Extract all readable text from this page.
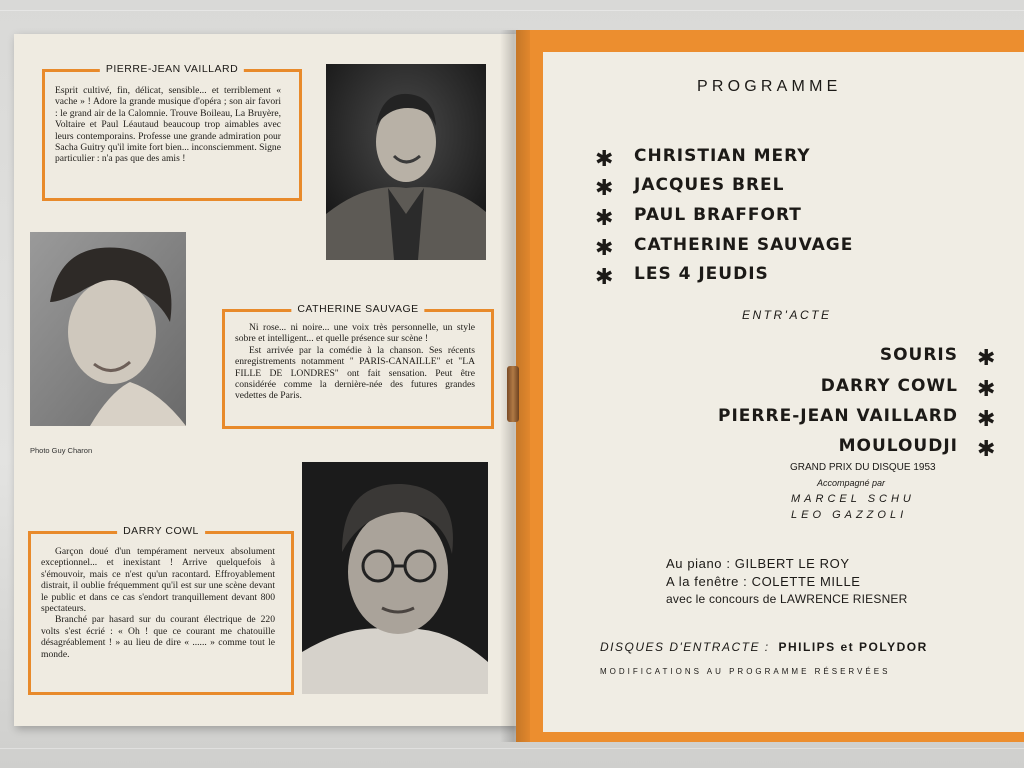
PIERRE-JEAN VAILLARD

Esprit cultivé, fin, délicat, sensible... et terriblement « vache » ! Adore la grande musique d'opéra ; son air favori : le grand air de la Calomnie. Trouve Boileau, La Bruyère, Voltaire et Paul Léautaud beaucoup trop aimables avec leurs contemporains. Professe une grande admiration pour Sacha Guitry qu'il imite fort bien... inconsciemment. Signe particulier : n'a pas que des amis !

Photo Guy Charon
CATHERINE SAUVAGE

Ni rose... ni noire... une voix très personnelle, un style sobre et intelligent... et quelle présence sur scène !

Est arrivée par la comédie à la chanson. Ses récents enregistrements notamment " PARIS-CANAILLE" et "LA FILLE DE LONDRES" ont fait sensation. Peut être considérée comme la dernière-née des futures grandes vedettes de Paris.

DARRY COWL

Garçon doué d'un tempérament nerveux absolument exceptionnel... et inexistant ! Arrive quelquefois à s'émouvoir, mais ce n'est qu'un racontard. Effroyablement distrait, il oublie fréquemment qu'il est sur une scène devant le public et dans ce cas s'endort tranquillement devant 800 spectateurs.

Branché par hasard sur du courant électrique de 220 volts s'est écrié : « Oh ! que ce courant me chatouille désagréablement ! » au lieu de dire « ...... » comme tout le monde.

PROGRAMME
✱ CHRISTIAN MERY
✱ JACQUES BREL
✱ PAUL BRAFFORT
✱ CATHERINE SAUVAGE
✱ LES 4 JEUDIS
ENTR'ACTE
SOURIS ✱
DARRY COWL ✱
PIERRE-JEAN VAILLARD ✱
MOULOUDJI ✱
GRAND PRIX DU DISQUE 1953
Accompagné par
MARCEL SCHU
LEO GAZZOLI
Au piano : GILBERT LE ROY
A la fenêtre : COLETTE MILLE
avec le concours de LAWRENCE RIESNER
DISQUES D'ENTRACTE : PHILIPS et POLYDOR
MODIFICATIONS AU PROGRAMME RÉSERVÉES
